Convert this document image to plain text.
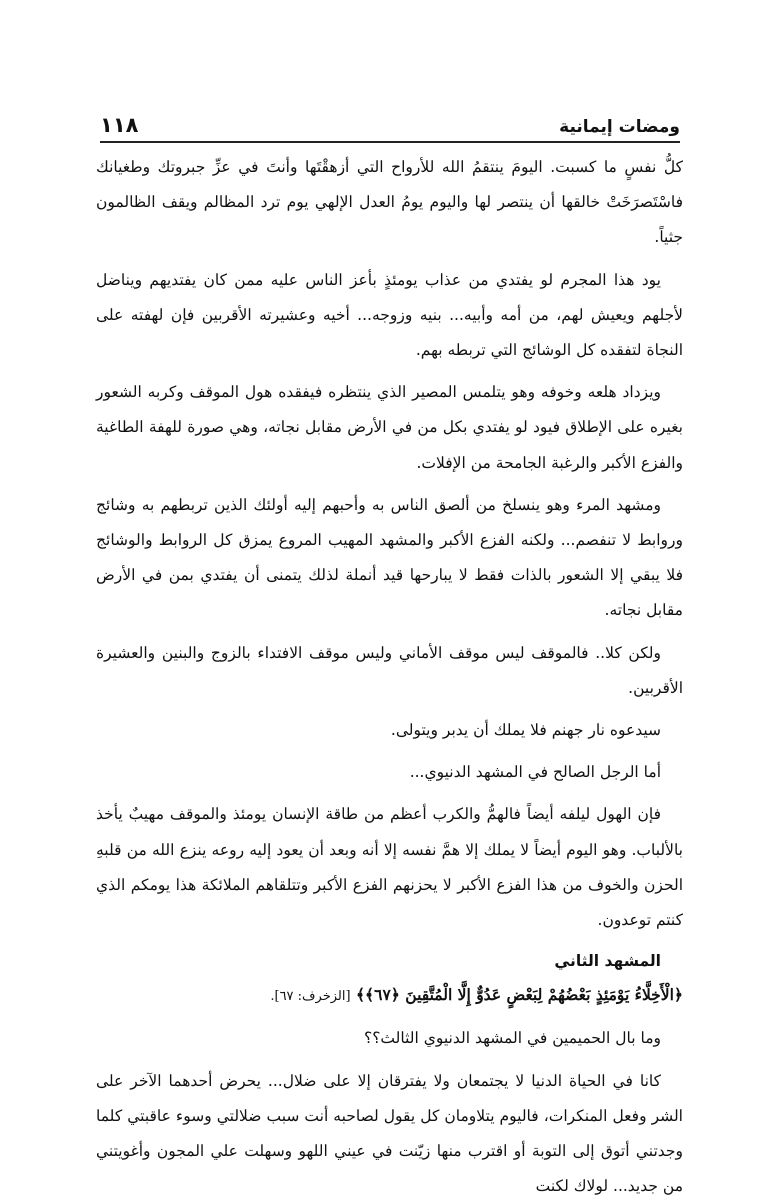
١١٨	ومضات إيمانية

كلُّ نفسٍ ما كسبت. اليومَ ينتقمُ الله للأرواح التي أزهقْتَها وأنتَ في عزِّ جبروتك وطغيانك فاسْتَصرَخَتْ خالقها أن ينتصر لها واليوم يومُ العدل الإلهي يوم ترد المظالم ويقف الظالمون جثياً.

يود هذا المجرم لو يفتدي من عذاب يومئذٍ بأعز الناس عليه ممن كان يفتديهم ويناضل لأجلهم ويعيش لهم، من أمه وأبيه... بنيه وزوجه... أخيه وعشيرته الأقربين فإن لهفته على النجاة لتفقده كل الوشائج التي تربطه بهم.

ويزداد هلعه وخوفه وهو يتلمس المصير الذي ينتظره فيفقده هول الموقف وكربه الشعور بغيره على الإطلاق فيود لو يفتدي بكل من في الأرض مقابل نجاته، وهي صورة للهفة الطاغية والفزع الأكبر والرغبة الجامحة من الإفلات.

ومشهد المرء وهو ينسلخ من ألصق الناس به وأحبهم إليه أولئك الذين تربطهم به وشائج وروابط لا تنفصم... ولكنه الفزع الأكبر والمشهد المهيب المروع يمزق كل الروابط والوشائج فلا يبقي إلا الشعور بالذات فقط لا يبارحها قيد أنملة لذلك يتمنى أن يفتدي بمن في الأرض مقابل نجاته.

ولكن كلا.. فالموقف ليس موقف الأماني وليس موقف الافتداء بالزوج والبنين والعشيرة الأقربين.

سيدعوه نار جهنم فلا يملك أن يدبر ويتولى.

أما الرجل الصالح في المشهد الدنيوي...

فإن الهول ليلفه أيضاً فالهمُّ والكرب أعظم من طاقة الإنسان يومئذ والموقف مهيبٌ يأخذ بالألباب. وهو اليوم أيضاً لا يملك إلا همَّ نفسه إلا أنه وبعد أن يعود إليه روعه ينزع الله من قلبهِ الحزن والخوف من هذا الفزع الأكبر لا يحزنهم الفزع الأكبر وتتلقاهم الملائكة هذا يومكم الذي كنتم توعدون.

المشهد الثاني

﴿الْأَخِلَّاءُ يَوْمَئِذٍ بَعْضُهُمْ لِبَعْضٍ عَدُوٌّ إِلَّا الْمُتَّقِينَ ﴿٦٧﴾﴾ [الزخرف: ٦٧].

وما بال الحميمين في المشهد الدنيوي الثالث؟؟

كانا في الحياة الدنيا لا يجتمعان ولا يفترقان إلا على ضلال... يحرض أحدهما الآخر على الشر وفعل المنكرات، فاليوم يتلاومان كل يقول لصاحبه أنت سبب ضلالتي وسوء عاقبتي كلما وجدتني أتوق إلى التوبة أو اقترب منها زيّنت في عيني اللهو وسهلت علي المجون وأغويتني من جديد... لولاك لكنت
